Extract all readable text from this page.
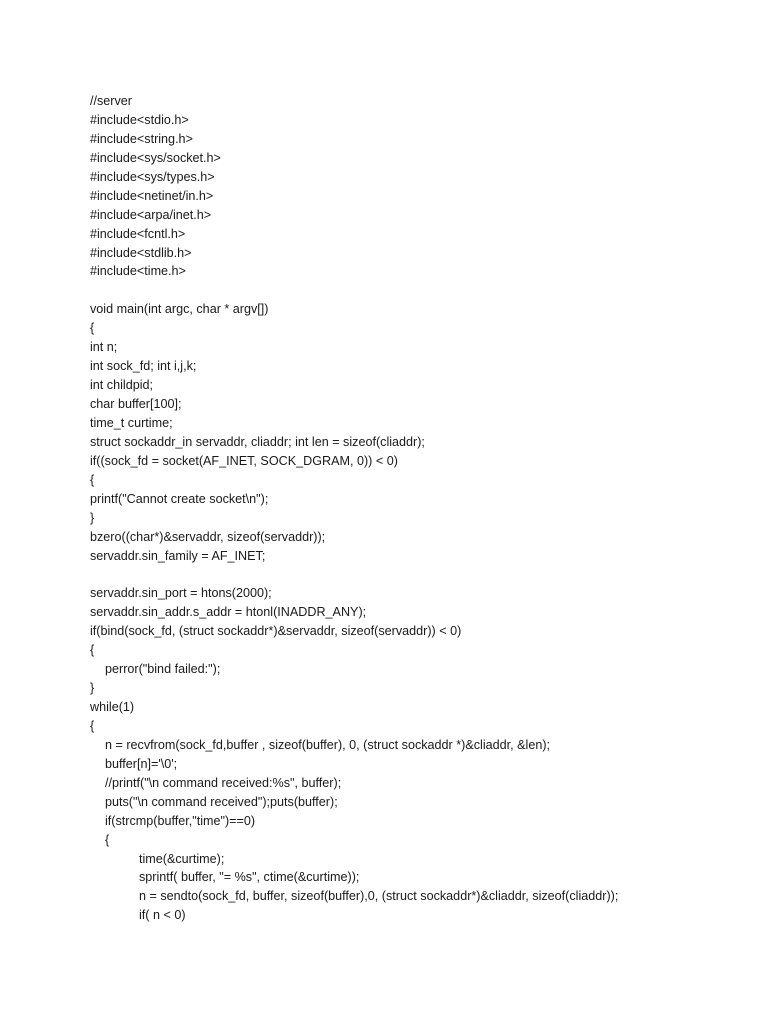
//server
#include<stdio.h>
#include<string.h>
#include<sys/socket.h>
#include<sys/types.h>
#include<netinet/in.h>
#include<arpa/inet.h>
#include<fcntl.h>
#include<stdlib.h>
#include<time.h>
void main(int argc, char * argv[])
{
int n;
int sock_fd; int i,j,k;
int childpid;
char buffer[100];
time_t curtime;
struct sockaddr_in servaddr, cliaddr; int len = sizeof(cliaddr);
if((sock_fd = socket(AF_INET, SOCK_DGRAM, 0)) < 0)
{
printf("Cannot create socket\n");
}
bzero((char*)&servaddr, sizeof(servaddr));
servaddr.sin_family = AF_INET;
servaddr.sin_port = htons(2000);
servaddr.sin_addr.s_addr = htonl(INADDR_ANY);
if(bind(sock_fd, (struct sockaddr*)&servaddr, sizeof(servaddr)) < 0)
{
perror("bind failed:");
}
while(1)
{
n = recvfrom(sock_fd,buffer , sizeof(buffer), 0, (struct sockaddr *)&cliaddr, &len);
buffer[n]='\0';
//printf("\n command received:%s", buffer);
puts("\n command received");puts(buffer);
if(strcmp(buffer,"time")==0)
{
time(&curtime);
sprintf( buffer, "= %s", ctime(&curtime));
n = sendto(sock_fd, buffer, sizeof(buffer),0, (struct sockaddr*)&cliaddr, sizeof(cliaddr));
if( n < 0)
